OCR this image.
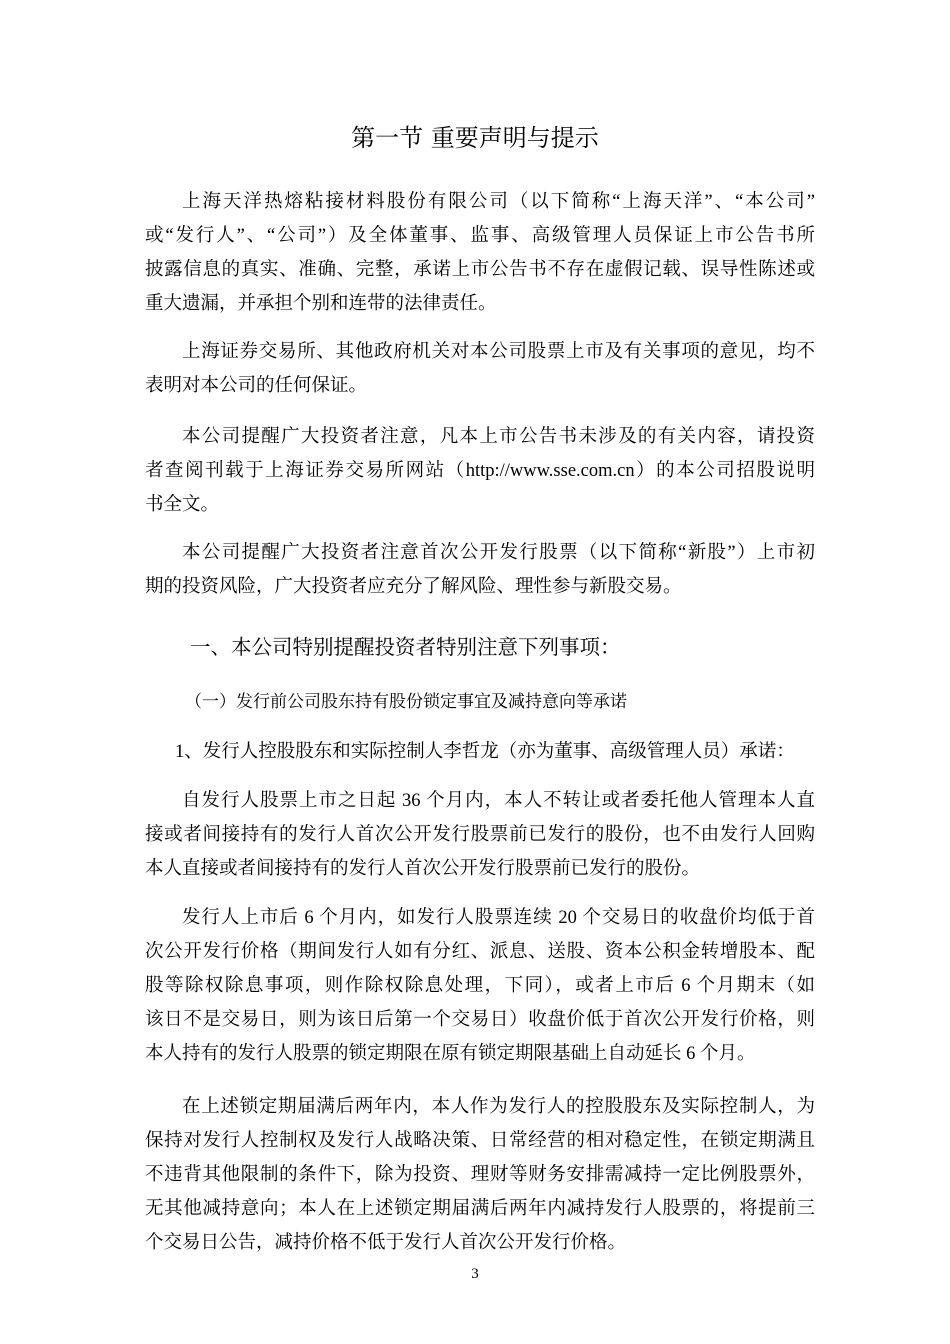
第一节 重要声明与提示
上海天洋热熔粘接材料股份有限公司（以下简称“上海天洋”、“本公司”
或“发行人”、“公司”）及全体董事、监事、高级管理人员保证上市公告书所
披露信息的真实、准确、完整，承诺上市公告书不存在虚假记载、误导性陈述或
重大遗漏，并承担个别和连带的法律责任。
上海证券交易所、其他政府机关对本公司股票上市及有关事项的意见，均不
表明对本公司的任何保证。
本公司提醒广大投资者注意，凡本上市公告书未涉及的有关内容，请投资
者查阅刊载于上海证券交易所网站（http://www.sse.com.cn）的本公司招股说明
书全文。
本公司提醒广大投资者注意首次公开发行股票（以下简称“新股”）上市初
期的投资风险，广大投资者应充分了解风险、理性参与新股交易。
一、本公司特别提醒投资者特别注意下列事项：
（一）发行前公司股东持有股份锁定事宜及减持意向等承诺
1、发行人控股股东和实际控制人李哲龙（亦为董事、高级管理人员）承诺：
自发行人股票上市之日起 36 个月内，本人不转让或者委托他人管理本人直
接或者间接持有的发行人首次公开发行股票前已发行的股份，也不由发行人回购
本人直接或者间接持有的发行人首次公开发行股票前已发行的股份。
发行人上市后 6 个月内，如发行人股票连续 20 个交易日的收盘价均低于首
次公开发行价格（期间发行人如有分红、派息、送股、资本公积金转增股本、配
股等除权除息事项，则作除权除息处理，下同），或者上市后 6 个月期末（如
该日不是交易日，则为该日后第一个交易日）收盘价低于首次公开发行价格，则
本人持有的发行人股票的锁定期限在原有锁定期限基础上自动延长 6 个月。
在上述锁定期届满后两年内，本人作为发行人的控股股东及实际控制人，为
保持对发行人控制权及发行人战略决策、日常经营的相对稳定性，在锁定期满且
不违背其他限制的条件下，除为投资、理财等财务安排需减持一定比例股票外，
无其他减持意向；本人在上述锁定期届满后两年内减持发行人股票的，将提前三
个交易日公告，减持价格不低于发行人首次公开发行价格。
3
